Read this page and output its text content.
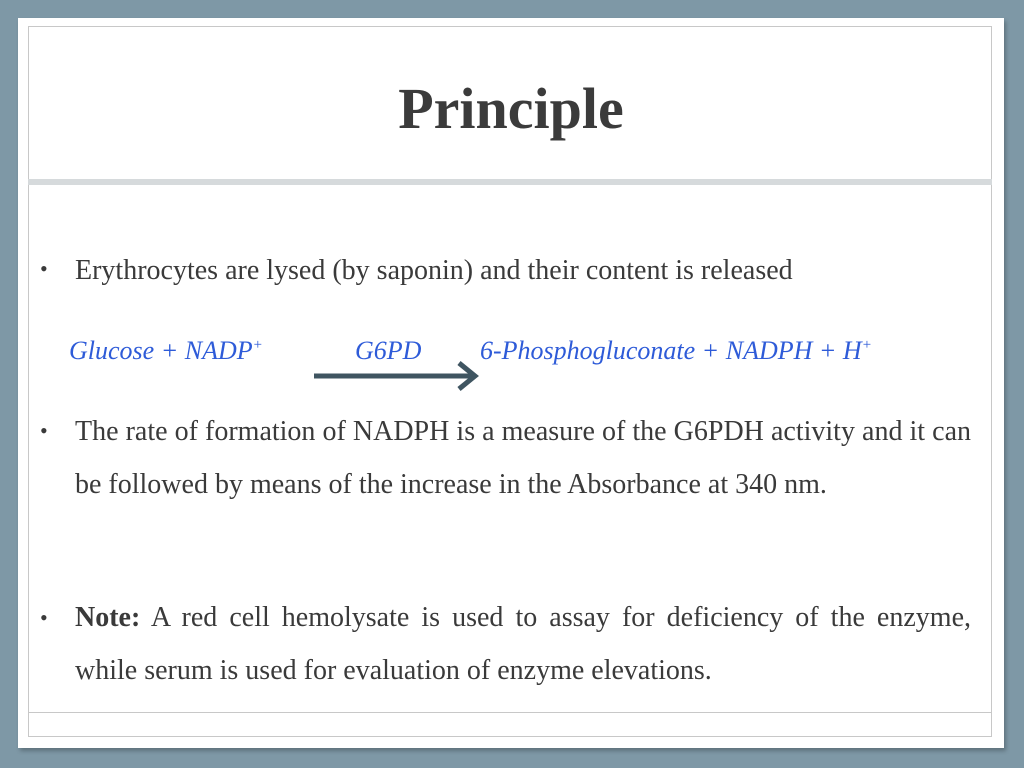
Principle
• Erythrocytes are lysed (by saponin) and their content is released

Glucose + NADP+	G6PD 6-Phosphogluconate + NADPH + H+
• The rate of formation of NADPH is a measure of the G6PDH activity and it can be followed by means of the increase in the Absorbance at 340 nm.

• Note: A red cell hemolysate is used to assay for deficiency of the enzyme, while serum is used for evaluation of enzyme elevations.
